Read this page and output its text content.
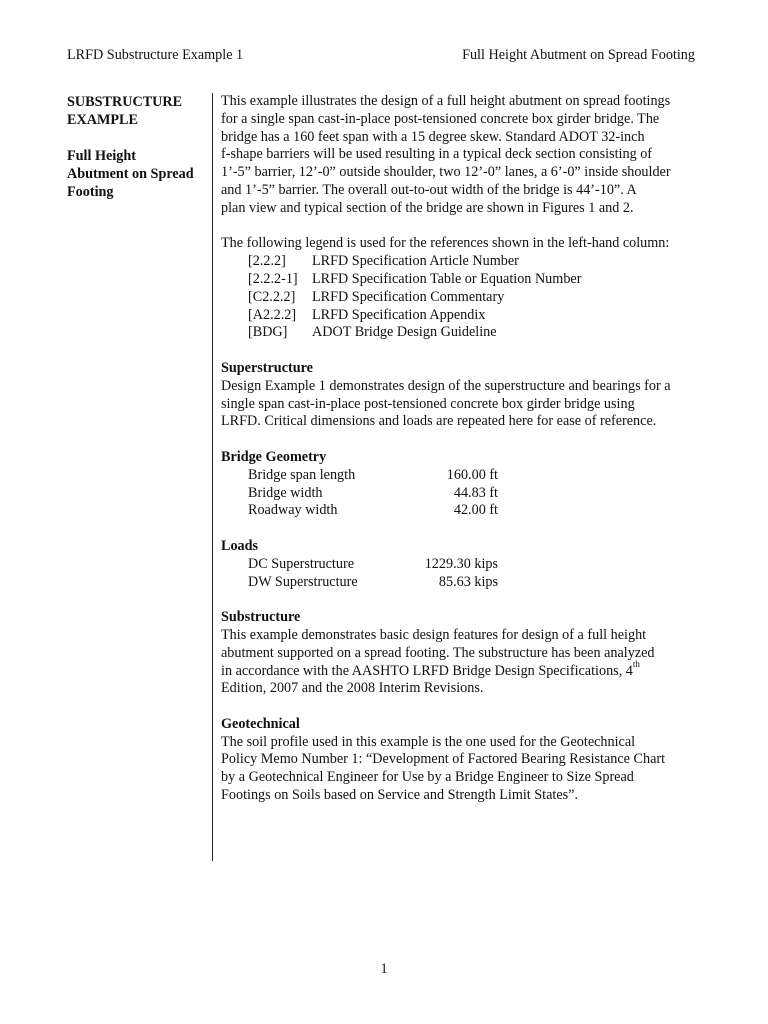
LRFD Substructure Example 1	Full Height Abutment on Spread Footing
SUBSTRUCTURE
EXAMPLE
Full Height
Abutment on Spread
Footing

This example illustrates the design of a full height abutment on spread footings

for a single span cast-in-place post-tensioned concrete box girder bridge. The

bridge has a 160 feet span with a 15 degree skew. Standard ADOT 32-inch

f-shape barriers will be used resulting in a typical deck section consisting of

1’-5” barrier, 12’-0” outside shoulder, two 12’-0” lanes, a 6’-0” inside shoulder

and 1’-5” barrier. The overall out-to-out width of the bridge is 44’-10”. A

plan view and typical section of the bridge are shown in Figures 1 and 2.

The following legend is used for the references shown in the left-hand column:

[2.2.2]	LRFD Specification Article Number
[2.2.2-1]	LRFD Specification Table or Equation Number
[C2.2.2]	LRFD Specification Commentary
[A2.2.2]	LRFD Specification Appendix
[BDG]	ADOT Bridge Design Guideline

Superstructure

Design Example 1 demonstrates design of the superstructure and bearings for a

single span cast-in-place post-tensioned concrete box girder bridge using

LRFD. Critical dimensions and loads are repeated here for ease of reference.

Bridge Geometry

Bridge span length	160.00 ft
Bridge width	44.83 ft
Roadway width	42.00 ft

Loads

DC Superstructure	1229.30 kips
DW Superstructure	85.63 kips

Substructure

This example demonstrates basic design features for design of a full height

abutment supported on a spread footing. The substructure has been analyzed

in accordance with the AASHTO LRFD Bridge Design Specifications, 4th

Edition, 2007 and the 2008 Interim Revisions.

Geotechnical

The soil profile used in this example is the one used for the Geotechnical

Policy Memo Number 1: “Development of Factored Bearing Resistance Chart

by a Geotechnical Engineer for Use by a Bridge Engineer to Size Spread

Footings on Soils based on Service and Strength Limit States”.

1
